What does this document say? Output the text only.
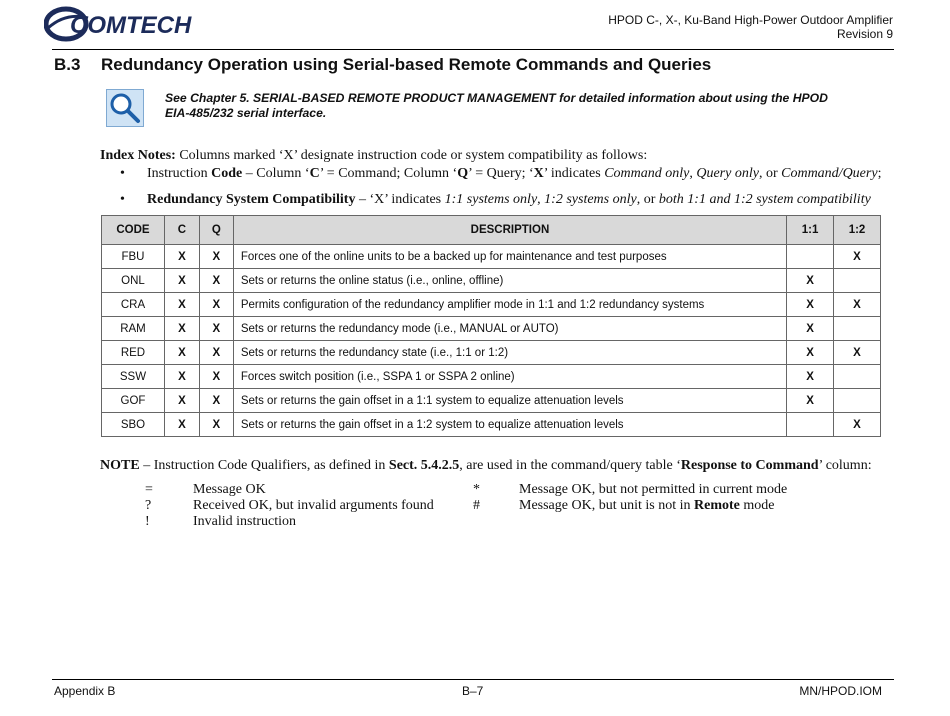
COMTECH	HPOD C-, X-, Ku-Band High-Power Outdoor Amplifier
Revision 9
B.3 Redundancy Operation using Serial-based Remote Commands and Queries
See Chapter 5. SERIAL-BASED REMOTE PRODUCT MANAGEMENT for detailed information about using the HPOD
EIA-485/232 serial interface.
Index Notes: Columns marked ‘X’ designate instruction code or system compatibility as follows:
• Instruction Code – Column ‘C’ = Command; Column ‘Q’ = Query; ‘X’ indicates Command only, Query only, or Command/Query;
• Redundancy System Compatibility – ‘X’ indicates 1:1 systems only, 1:2 systems only, or both 1:1 and 1:2 system compatibility
CODE	C	Q	DESCRIPTION	1:1	1:2
FBU	X	X	Forces one of the online units to be a backed up for maintenance and test purposes		X
ONL	X	X	Sets or returns the online status (i.e., online, offline)	X	
CRA	X	X	Permits configuration of the redundancy amplifier mode in 1:1 and 1:2 redundancy systems	X	X
RAM	X	X	Sets or returns the redundancy mode (i.e., MANUAL or AUTO)	X	
RED	X	X	Sets or returns the redundancy state (i.e., 1:1 or 1:2)	X	X
SSW	X	X	Forces switch position (i.e., SSPA 1 or SSPA 2 online)	X	
GOF	X	X	Sets or returns the gain offset in a 1:1 system to equalize attenuation levels	X	
SBO	X	X	Sets or returns the gain offset in a 1:2 system to equalize attenuation levels		X
NOTE – Instruction Code Qualifiers, as defined in Sect. 5.4.2.5, are used in the command/query table ‘Response to Command’ column:
=	Message OK	*	Message OK, but not permitted in current mode
?	Received OK, but invalid arguments found	#	Message OK, but unit is not in Remote mode
!	Invalid instruction
Appendix B	B–7	MN/HPOD.IOM
